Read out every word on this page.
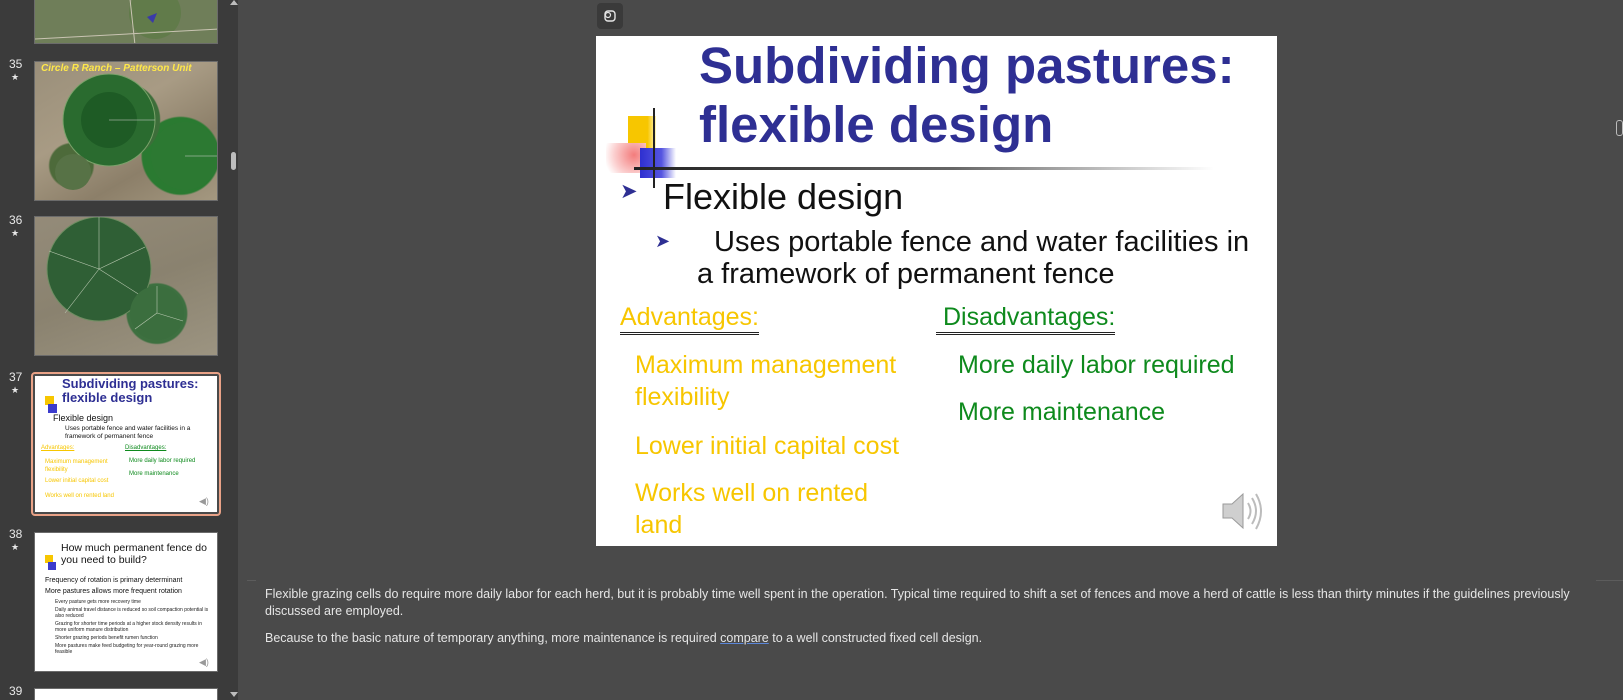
35
★
Circle R Ranch – Patterson Unit
36
★
37
★	Subdividing pastures: flexible design
Flexible design
Uses portable fence and water facilities in a framework of permanent fence
Advantages:	Disadvantages:
Maximum management flexibility
Lower initial capital cost
Works well on rented land
More daily labor required
More maintenance
◀)
38
★	How much permanent fence do you need to build?
Frequency of rotation is primary determinant
More pastures allows more frequent rotation
Every pasture gets more recovery time
Daily animal travel distance is reduced so soil compaction potential is also reduced
Grazing for shorter time periods at a higher stock density results in more uniform manure distribution
Shorter grazing periods benefit rumen function
More pastures make feed budgeting for year-round grazing more feasible
◀)
39
Subdividing pastures: flexible design
➤ Flexible design
➤	Uses portable fence and water facilities in a framework of permanent fence
Advantages:	Disadvantages:
Maximum management flexibility
Lower initial capital cost
Works well on rented land
More daily labor required
More maintenance
Flexible grazing cells do require more daily labor for each herd, but it is probably time well spent in the operation. Typical time required to shift a set of fences and move a herd of cattle is less than thirty minutes if the guidelines previously discussed are employed.
Because to the basic nature of temporary anything, more maintenance is required compare to a well constructed fixed cell design.
